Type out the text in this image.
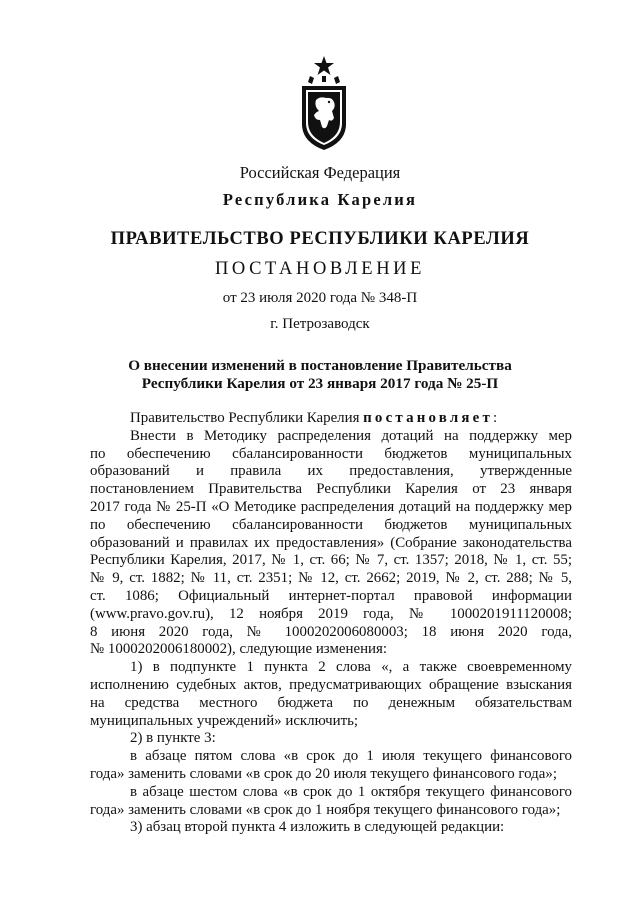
Российская Федерация
Республика Карелия
ПРАВИТЕЛЬСТВО РЕСПУБЛИКИ КАРЕЛИЯ
ПОСТАНОВЛЕНИЕ
от 23 июля 2020 года № 348-П
г. Петрозаводск
О внесении изменений в постановление Правительства
Республики Карелия от 23 января 2017 года № 25-П

Правительство Республики Карелия постановляет:

Внести в Методику распределения дотаций на поддержку мер

по обеспечению сбалансированности бюджетов муниципальных

образований и правила их предоставления, утвержденные

постановлением Правительства Республики Карелия от 23 января

2017 года № 25-П «О Методике распределения дотаций на поддержку мер

по обеспечению сбалансированности бюджетов муниципальных

образований и правилах их предоставления» (Собрание законодательства

Республики Карелия, 2017, № 1, ст. 66; № 7, ст. 1357; 2018, № 1, ст. 55;

№ 9, ст. 1882; № 11, ст. 2351; № 12, ст. 2662; 2019, № 2, ст. 288; № 5,

ст. 1086; Официальный интернет-портал правовой информации

(www.pravo.gov.ru), 12 ноября 2019 года, № 1000201911120008;

8 июня 2020 года, № 1000202006080003; 18 июня 2020 года,

№ 1000202006180002), следующие изменения:

1) в подпункте 1 пункта 2 слова «, а также своевременному

исполнению судебных актов, предусматривающих обращение взыскания

на средства местного бюджета по денежным обязательствам

муниципальных учреждений» исключить;

2) в пункте 3:

в абзаце пятом слова «в срок до 1 июля текущего финансового

года» заменить словами «в срок до 20 июля текущего финансового года»;

в абзаце шестом слова «в срок до 1 октября текущего финансового

года» заменить словами «в срок до 1 ноября текущего финансового года»;

3) абзац второй пункта 4 изложить в следующей редакции:
